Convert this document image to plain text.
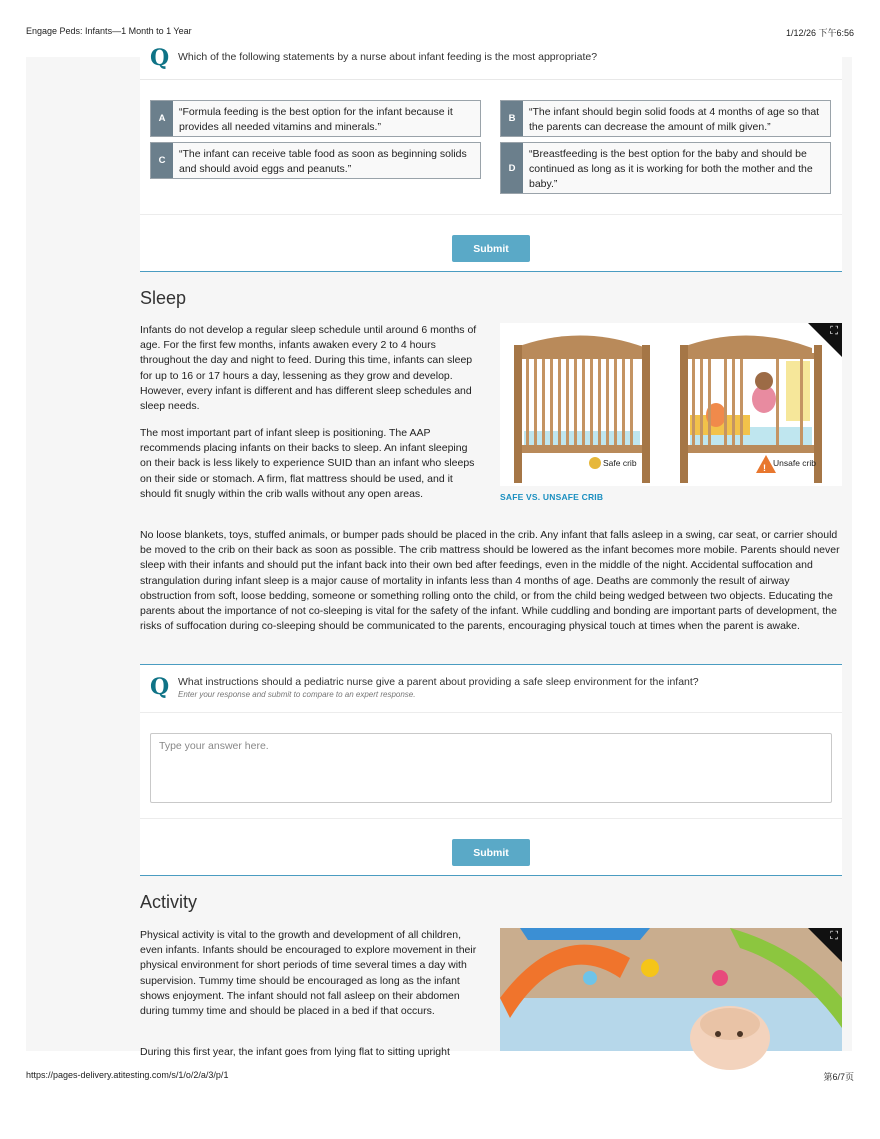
Engage Peds: Infants—1 Month to 1 Year	1/12/26 下午6:56
Q Which of the following statements by a nurse about infant feeding is the most appropriate?
A
“Formula feeding is the best option for the infant because it provides all needed vitamins and minerals.”
B
“The infant should begin solid foods at 4 months of age so that the parents can decrease the amount of milk given.”
C
“The infant can receive table food as soon as beginning solids and should avoid eggs and peanuts.”	D
“Breastfeeding is the best option for the baby and should be continued as long as it is working for both the mother and the baby.”
Submit
Sleep
Infants do not develop a regular sleep schedule until around 6 months of age. For the first few months, infants awaken every 2 to 4 hours throughout the day and night to feed. During this time, infants can sleep for up to 16 or 17 hours a day, lessening as they grow and develop. However, every infant is different and has different sleep schedules and sleep needs.
The most important part of infant sleep is positioning. The AAP recommends placing infants on their backs to sleep. An infant sleeping on their back is less likely to experience SUID than an infant who sleeps on their side or stomach. A firm, flat mattress should be used, and it should fit snugly within the crib walls without any open areas.
Safe crib	! Unsafe crib
⛶
SAFE VS. UNSAFE CRIB
No loose blankets, toys, stuffed animals, or bumper pads should be placed in the crib. Any infant that falls asleep in a swing, car seat, or carrier should be moved to the crib on their back as soon as possible. The crib mattress should be lowered as the infant becomes more mobile. Parents should never sleep with their infants and should put the infant back into their own bed after feedings, even in the middle of the night. Accidental suffocation and strangulation during infant sleep is a major cause of mortality in infants less than 4 months of age. Deaths are commonly the result of airway obstruction from soft, loose bedding, someone or something rolling onto the child, or from the child being wedged between two objects. Educating the parents about the importance of not co-sleeping is vital for the safety of the infant. While cuddling and bonding are important parts of development, the risks of suffocation during co-sleeping should be communicated to the parents, encouraging physical touch at times when the parent is awake.
Q What instructions should a pediatric nurse give a parent about providing a safe sleep environment for the infant?
Enter your response and submit to compare to an expert response.
Type your answer here.
Submit
Activity
Physical activity is vital to the growth and development of all children, even infants. Infants should be encouraged to explore movement in their physical environment for short periods of time several times a day with supervision. Tummy time should be encouraged as long as the infant shows enjoyment. The infant should not fall asleep on their abdomen during tummy time and should be placed in a bed if that occurs.
During this first year, the infant goes from lying flat to sitting upright
⛶
https://pages-delivery.atitesting.com/s/1/o/2/a/3/p/1	第6/7页
